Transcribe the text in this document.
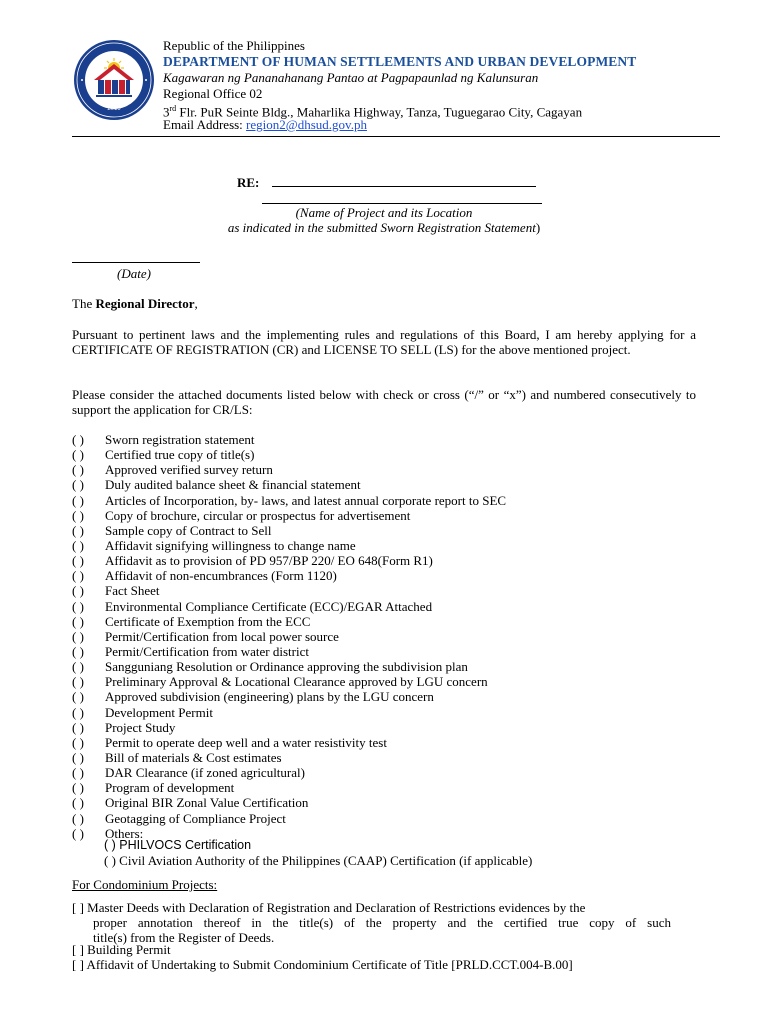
2019
Republic of the Philippines
DEPARTMENT OF HUMAN SETTLEMENTS AND URBAN DEVELOPMENT
Kagawaran ng Pananahanang Pantao at Pagpapaunlad ng Kalunsuran
Regional Office 02
3rd Flr. PuR Seinte Bldg., Maharlika Highway, Tanza, Tuguegarao City, Cagayan
Email Address: region2@dhsud.gov.ph
RE:
(Name of Project and its Location
as indicated in the submitted Sworn Registration Statement)
(Date)
The Regional Director,
Pursuant to pertinent laws and the implementing rules and regulations of this Board, I am hereby applying for a CERTIFICATE OF REGISTRATION (CR) and LICENSE TO SELL (LS) for the above mentioned project.
Please consider the attached documents listed below with check or cross (“/” or “x”) and numbered consecutively to support the application for CR/LS:
( ) Sworn registration statement
( ) Certified true copy of title(s)
( ) Approved verified survey return
( ) Duly audited balance sheet & financial statement
( ) Articles of Incorporation, by- laws, and latest annual corporate report to SEC
( ) Copy of brochure, circular or prospectus for advertisement
( ) Sample copy of Contract to Sell
( ) Affidavit signifying willingness to change name
( ) Affidavit as to provision of PD 957/BP 220/ EO 648(Form R1)
( ) Affidavit of non-encumbrances (Form 1120)
( ) Fact Sheet
( ) Environmental Compliance Certificate (ECC)/EGAR Attached
( ) Certificate of Exemption from the ECC
( ) Permit/Certification from local power source
( ) Permit/Certification from water district
( ) Sangguniang Resolution or Ordinance approving the subdivision plan
( ) Preliminary Approval & Locational Clearance approved by LGU concern
( ) Approved subdivision (engineering) plans by the LGU concern
( ) Development Permit
( ) Project Study
( ) Permit to operate deep well and a water resistivity test
( ) Bill of materials & Cost estimates
( ) DAR Clearance (if zoned agricultural)
( ) Program of development
( ) Original BIR Zonal Value Certification
( ) Geotagging of Compliance Project
( ) Others:
( ) PHILVOCS Certification
( ) Civil Aviation Authority of the Philippines (CAAP) Certification (if applicable)
For Condominium Projects:
[ ] Master Deeds with Declaration of Registration and Declaration of Restrictions evidences by the
proper annotation thereof in the title(s) of the property and the certified true copy of such
title(s) from the Register of Deeds.
[ ] Building Permit
[ ] Affidavit of Undertaking to Submit Condominium Certificate of Title [PRLD.CCT.004-B.00]
